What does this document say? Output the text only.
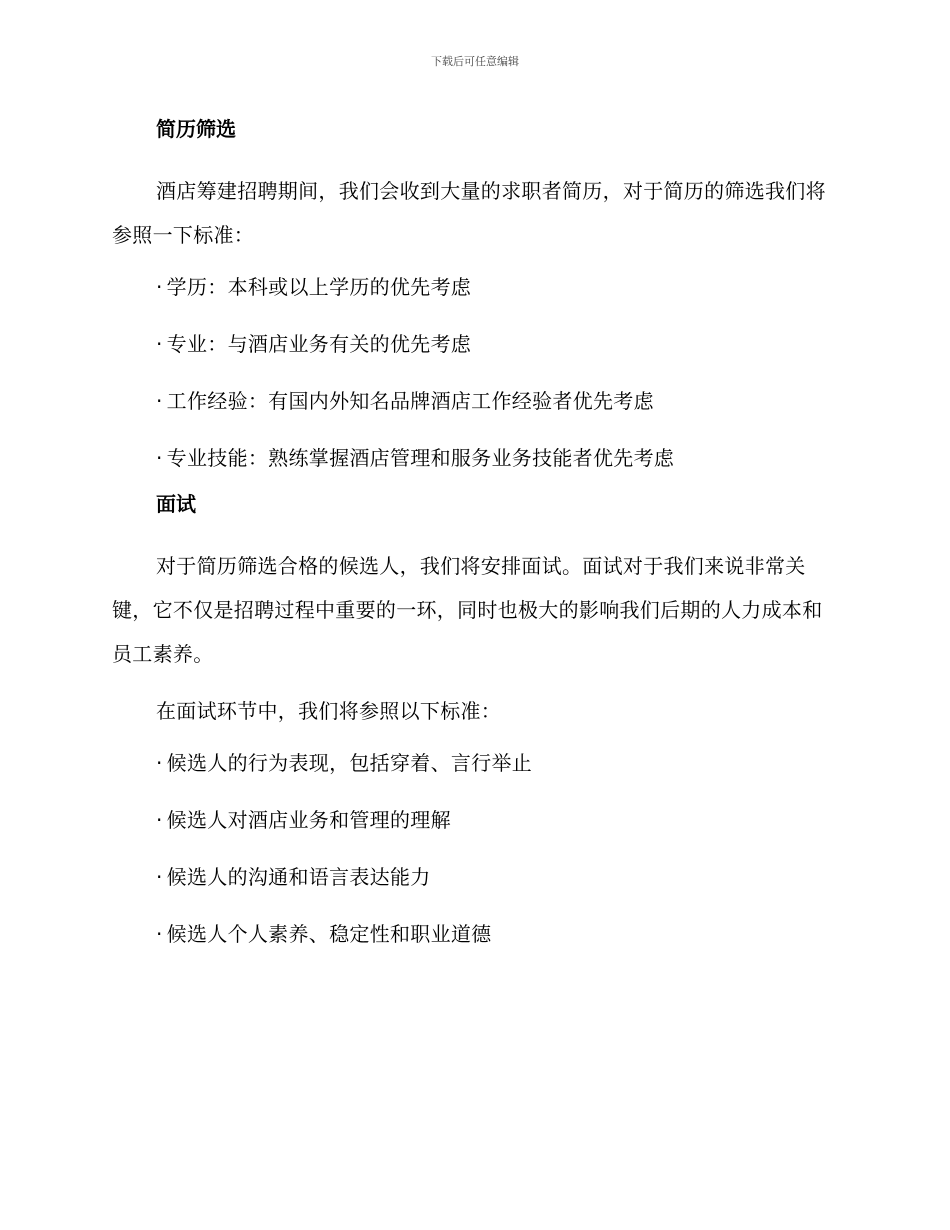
下载后可任意编辑
简历筛选

酒店筹建招聘期间，我们会收到大量的求职者简历，对于简历的筛选我们将参照一下标准：

· 学历：本科或以上学历的优先考虑
· 专业：与酒店业务有关的优先考虑
· 工作经验：有国内外知名品牌酒店工作经验者优先考虑
· 专业技能：熟练掌握酒店管理和服务业务技能者优先考虑
面试

对于简历筛选合格的候选人，我们将安排面试。面试对于我们来说非常关键，它不仅是招聘过程中重要的一环，同时也极大的影响我们后期的人力成本和员工素养。

在面试环节中，我们将参照以下标准：

· 候选人的行为表现，包括穿着、言行举止
· 候选人对酒店业务和管理的理解
· 候选人的沟通和语言表达能力
· 候选人个人素养、稳定性和职业道德
